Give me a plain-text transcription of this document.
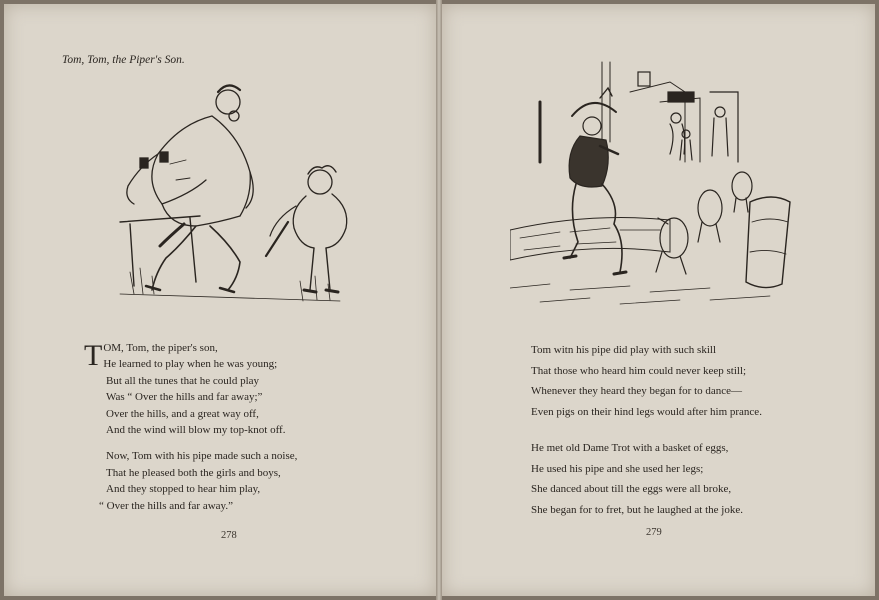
Tom, Tom, the Piper's Son.
T OM, Tom, the piper's son,
He learned to play when he was young;
But all the tunes that he could play
Was “ Over the hills and far away;”
Over the hills, and a great way off,
And the wind will blow my top-knot off.
Now, Tom with his pipe made such a noise,
That he pleased both the girls and boys,
And they stopped to hear him play,
“ Over the hills and far away.”
278
Tom witn his pipe did play with such skill
That those who heard him could never keep still;
Whenever they heard they began for to dance—
Even pigs on their hind legs would after him prance.
He met old Dame Trot with a basket of eggs,
He used his pipe and she used her legs;
She danced about till the eggs were all broke,
She began for to fret, but he laughed at the joke.
279
